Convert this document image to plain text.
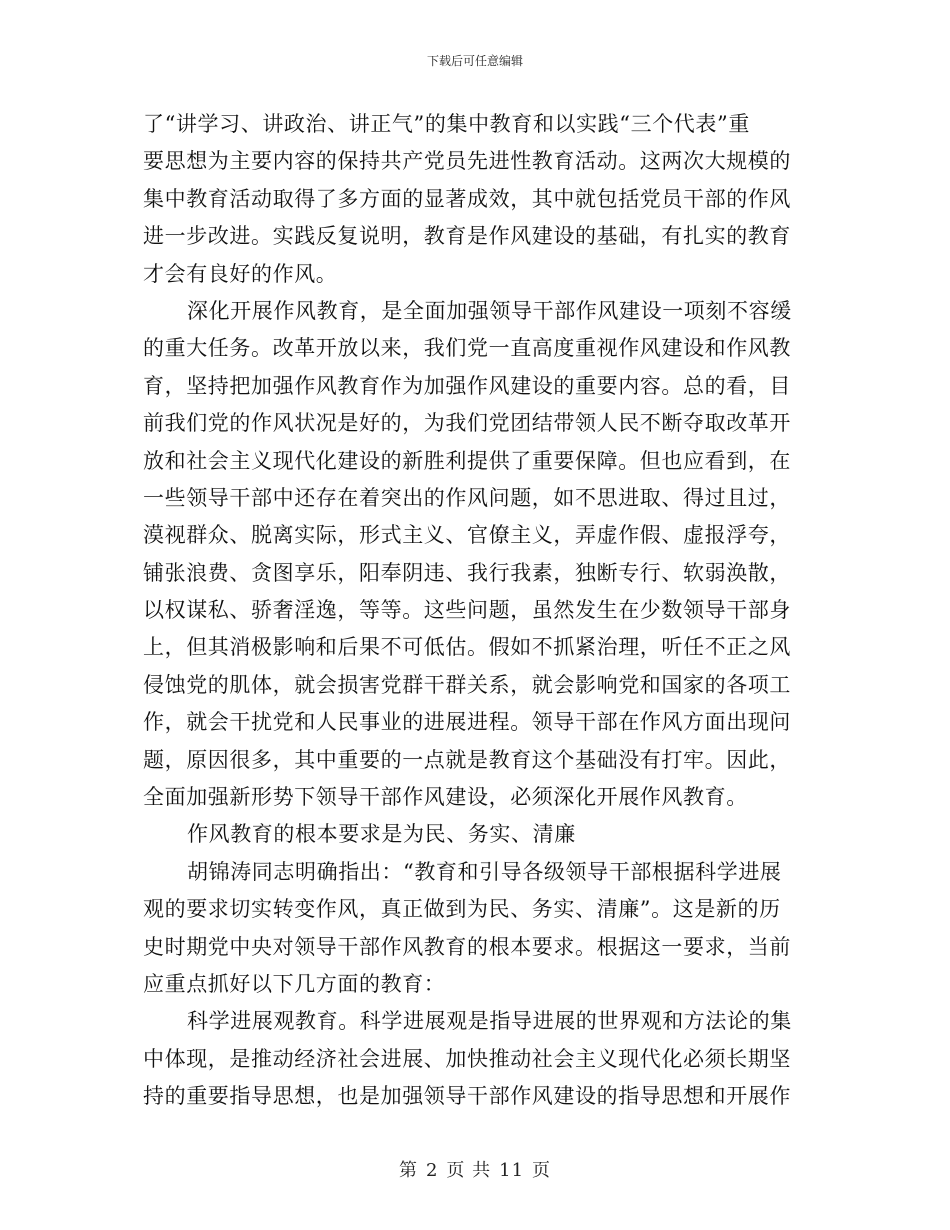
下载后可任意编辑
了“讲学习、讲政治、讲正气”的集中教育和以实践“三个代表”重
要思想为主要内容的保持共产党员先进性教育活动。这两次大规模的
集中教育活动取得了多方面的显著成效，其中就包括党员干部的作风
进一步改进。实践反复说明，教育是作风建设的基础，有扎实的教育
才会有良好的作风。
深化开展作风教育，是全面加强领导干部作风建设一项刻不容缓
的重大任务。改革开放以来，我们党一直高度重视作风建设和作风教
育，坚持把加强作风教育作为加强作风建设的重要内容。总的看，目
前我们党的作风状况是好的，为我们党团结带领人民不断夺取改革开
放和社会主义现代化建设的新胜利提供了重要保障。但也应看到，在
一些领导干部中还存在着突出的作风问题，如不思进取、得过且过，
漠视群众、脱离实际，形式主义、官僚主义，弄虚作假、虚报浮夸，
铺张浪费、贪图享乐，阳奉阴违、我行我素，独断专行、软弱涣散，
以权谋私、骄奢淫逸，等等。这些问题，虽然发生在少数领导干部身
上，但其消极影响和后果不可低估。假如不抓紧治理，听任不正之风
侵蚀党的肌体，就会损害党群干群关系，就会影响党和国家的各项工
作，就会干扰党和人民事业的进展进程。领导干部在作风方面出现问
题，原因很多，其中重要的一点就是教育这个基础没有打牢。因此，
全面加强新形势下领导干部作风建设，必须深化开展作风教育。
作风教育的根本要求是为民、务实、清廉
胡锦涛同志明确指出：“教育和引导各级领导干部根据科学进展
观的要求切实转变作风，真正做到为民、务实、清廉”。这是新的历
史时期党中央对领导干部作风教育的根本要求。根据这一要求，当前
应重点抓好以下几方面的教育：
科学进展观教育。科学进展观是指导进展的世界观和方法论的集
中体现，是推动经济社会进展、加快推动社会主义现代化必须长期坚
持的重要指导思想，也是加强领导干部作风建设的指导思想和开展作
第 2 页 共 11 页
